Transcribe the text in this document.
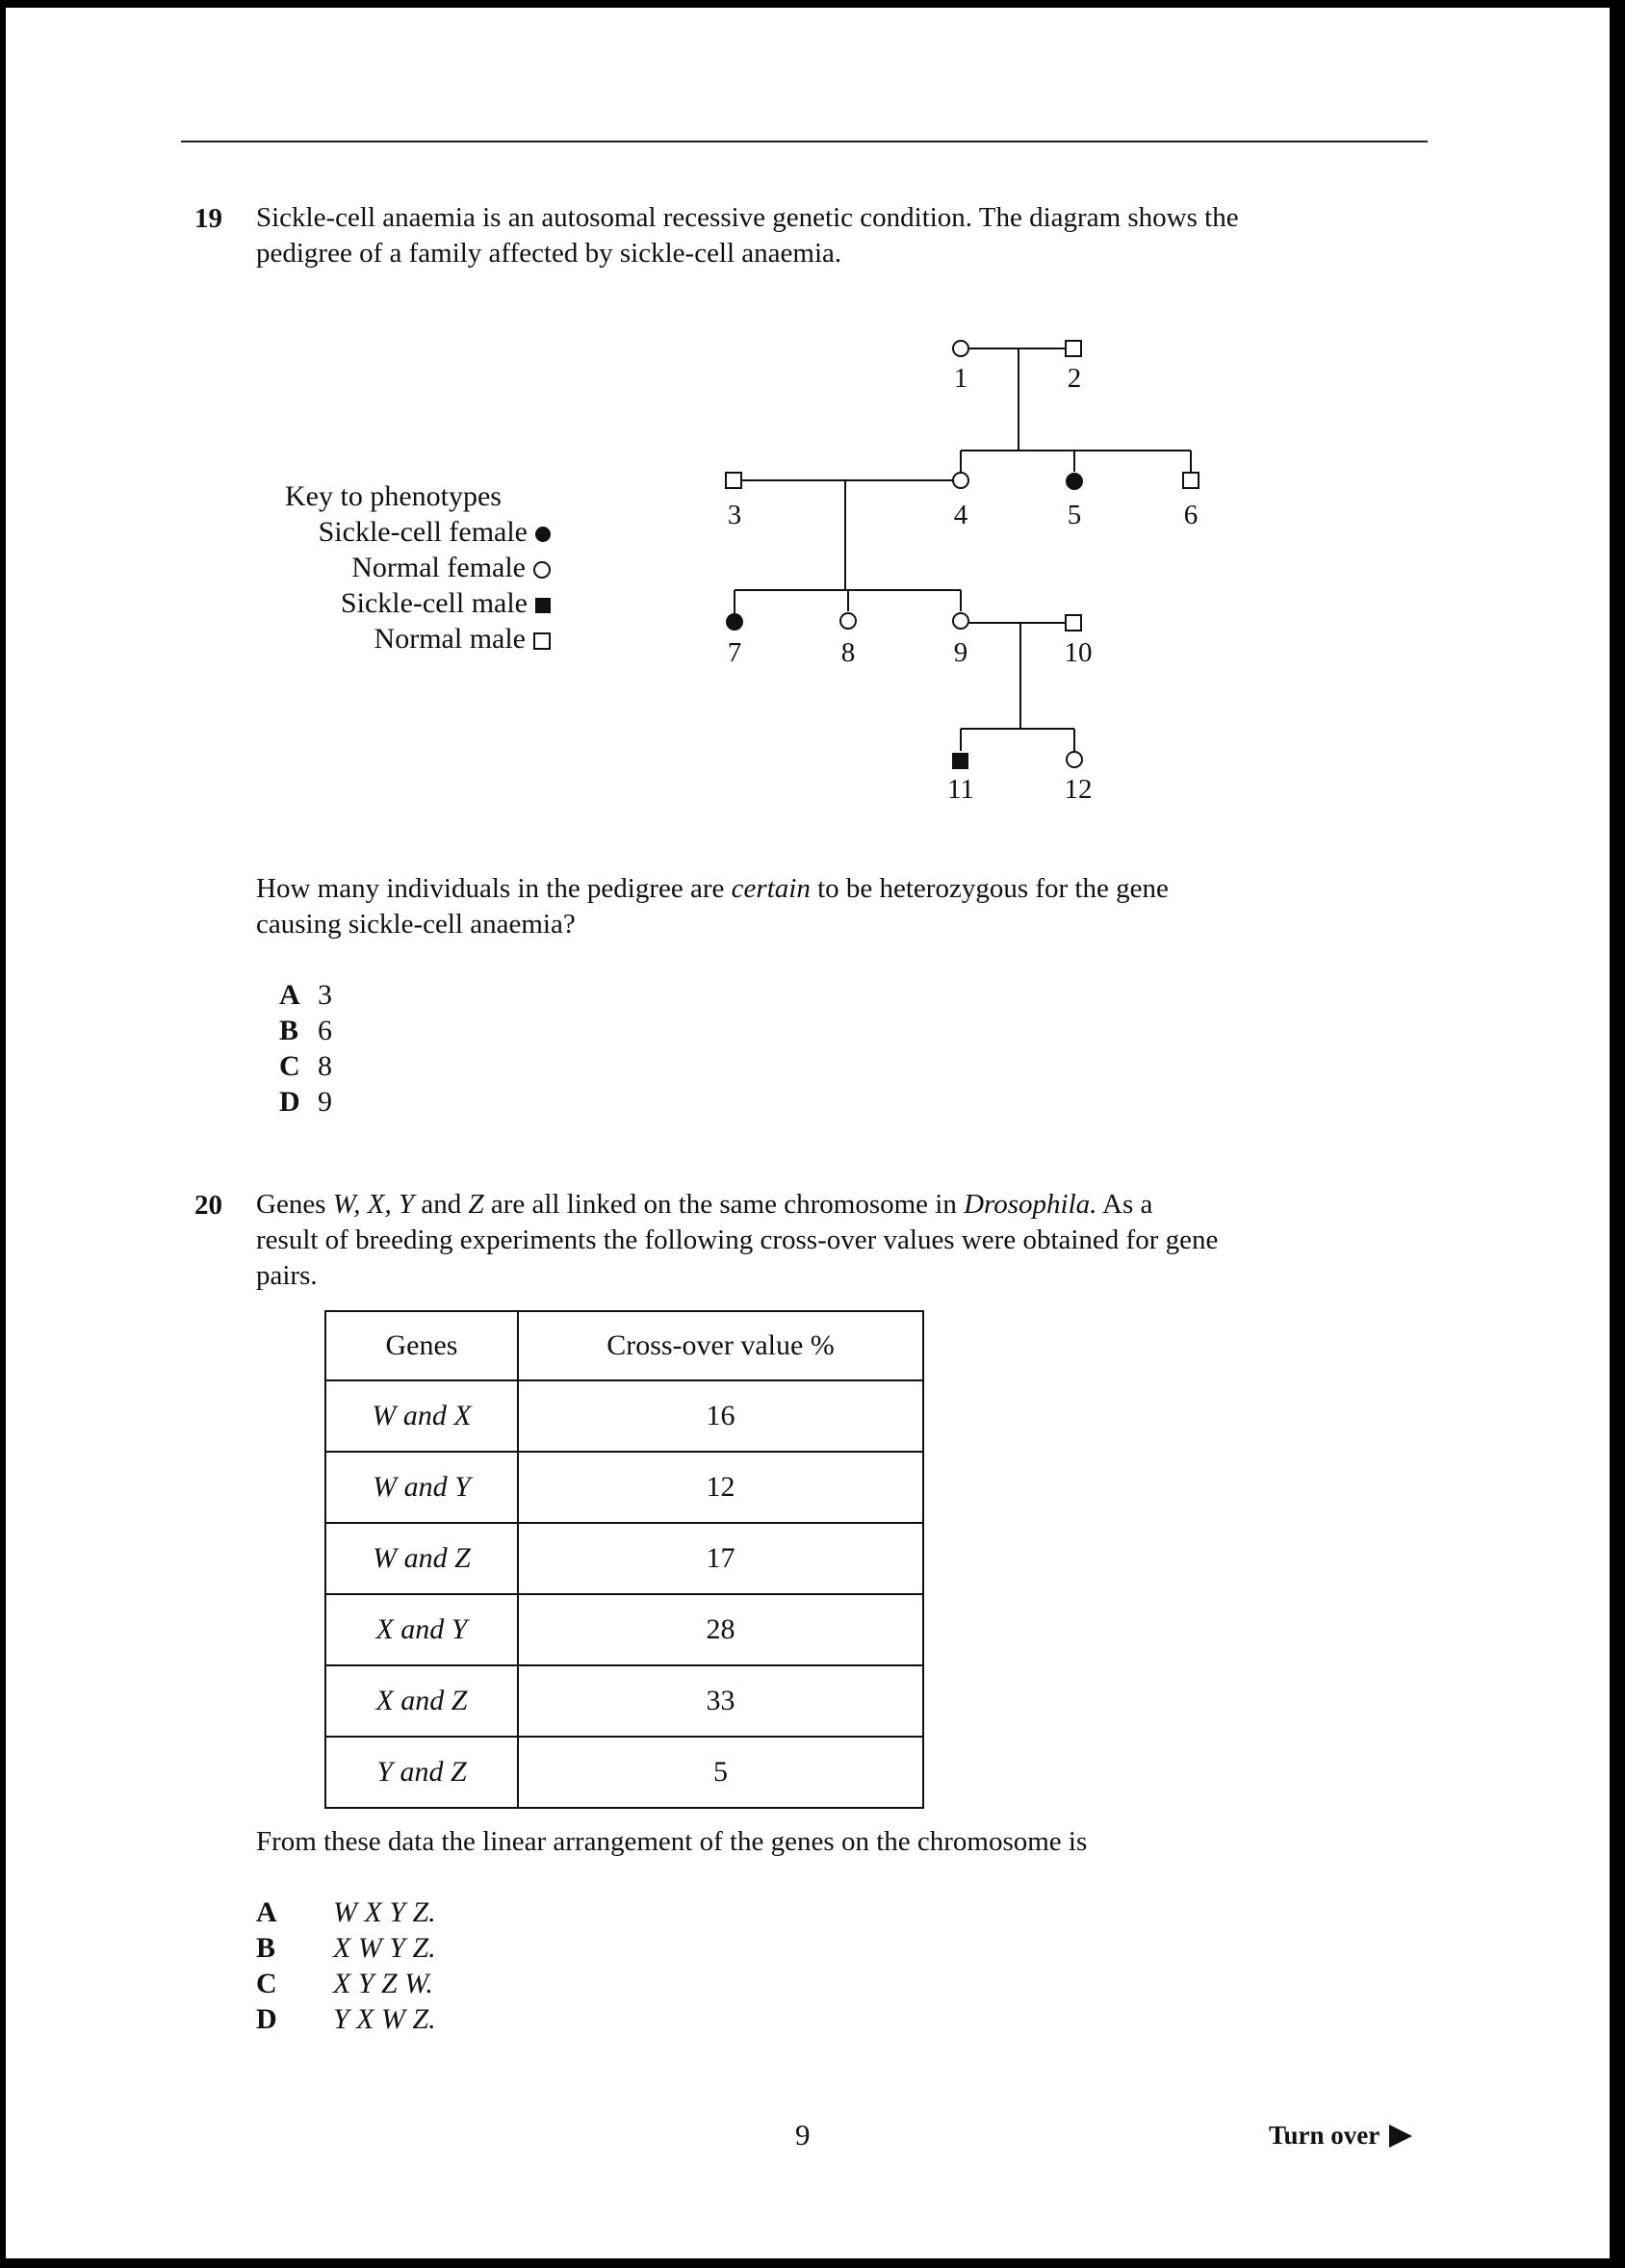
19 Sickle-cell anaemia is an autosomal recessive genetic condition. The diagram shows the
pedigree of a family affected by sickle-cell anaemia.
Key to phenotypes
Sickle-cell female
Normal female
Sickle-cell male
Normal male
1	2
3	4	5	6
7	8	9	10
11	12
How many individuals in the pedigree are certain to be heterozygous for the gene
causing sickle-cell anaemia?
A 3
B 6
C 8
D 9
20 Genes W, X, Y and Z are all linked on the same chromosome in Drosophila. As a
result of breeding experiments the following cross-over values were obtained for gene
pairs.
Genes	Cross-over value %
W and X	16
W and Y	12
W and Z	17
X and Y	28
X and Z	33
Y and Z	5
From these data the linear arrangement of the genes on the chromosome is
A	W X Y Z.
B	X W Y Z.
C	X Y Z W.
D	Y X W Z.
9	Turn over
